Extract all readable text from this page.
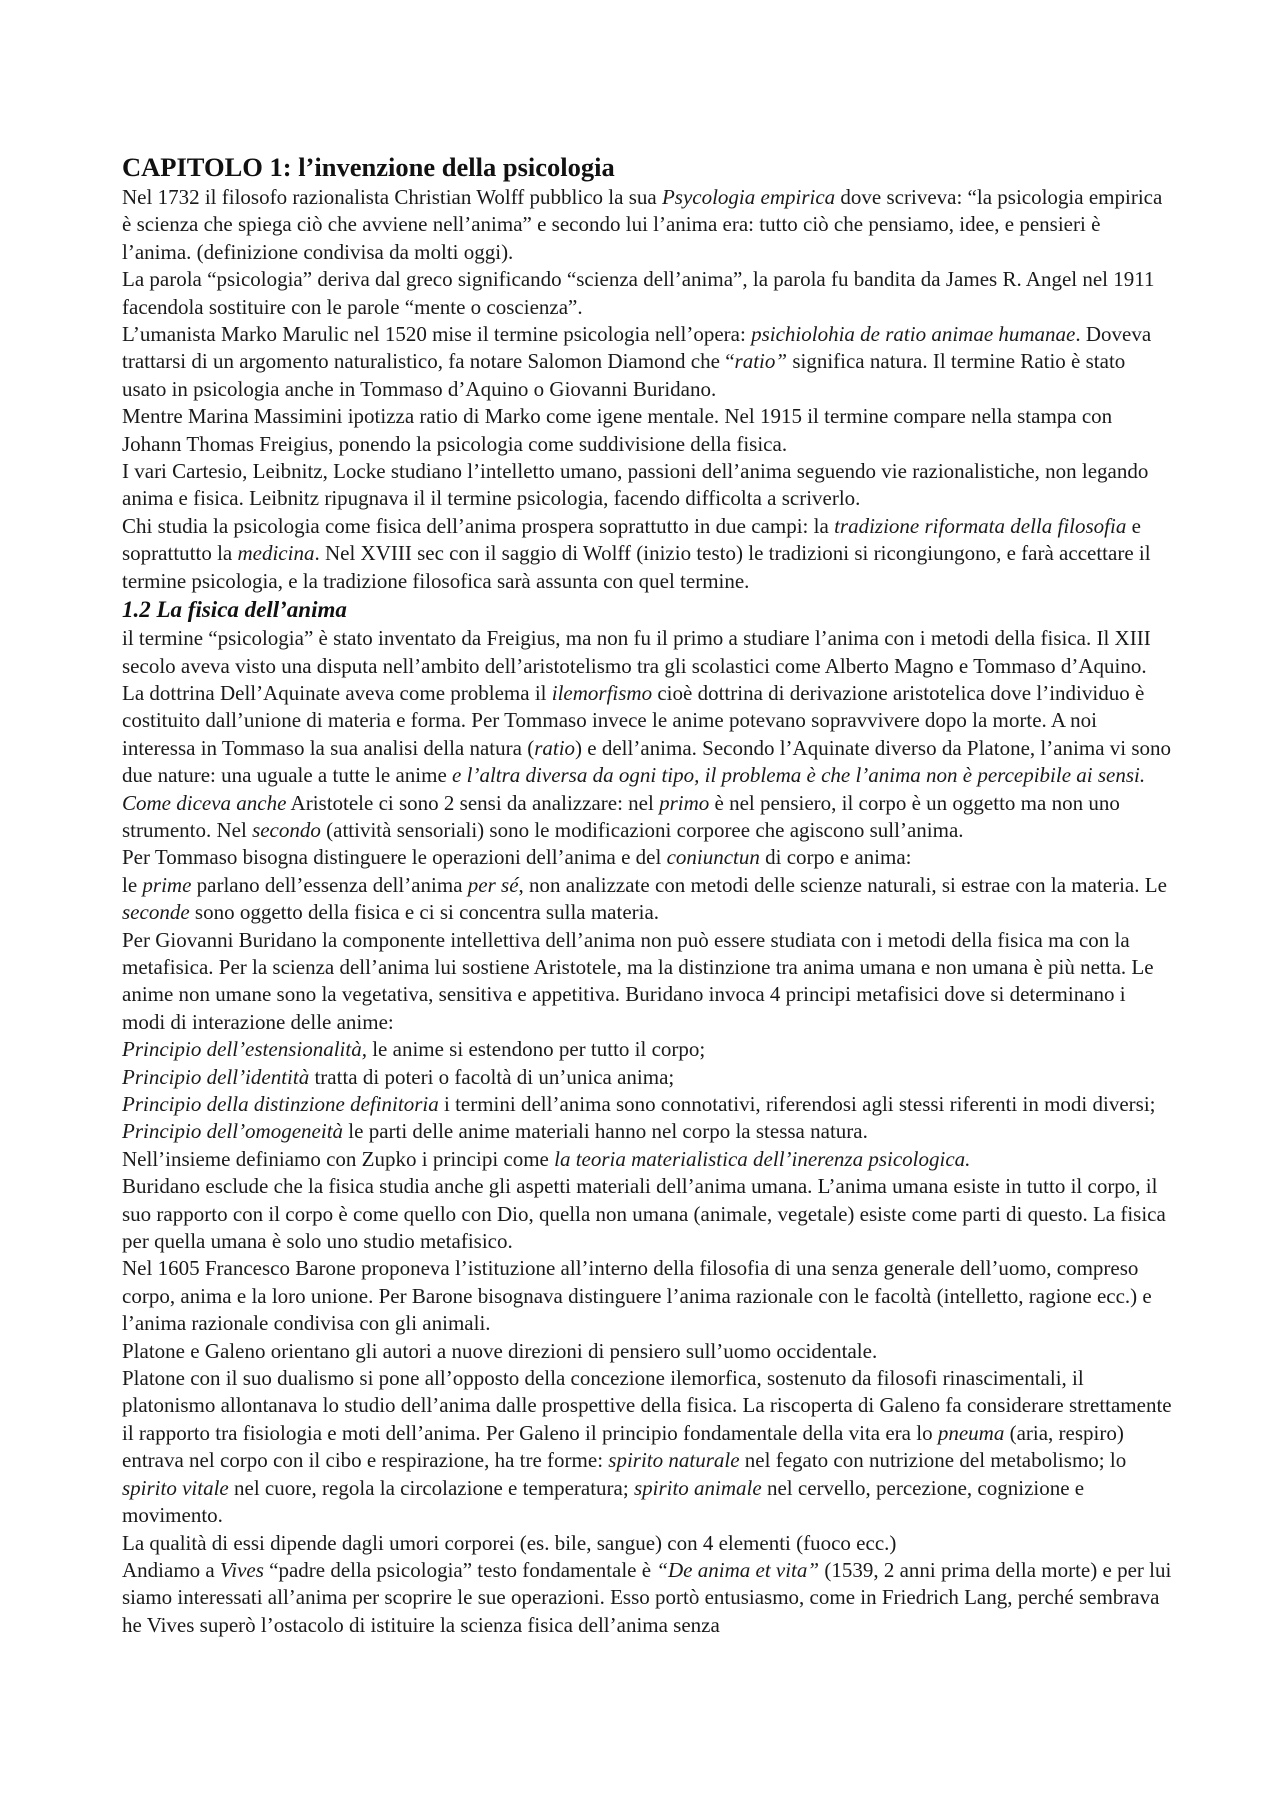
CAPITOLO 1: l’invenzione della psicologia

Nel 1732 il filosofo razionalista Christian Wolff pubblico la sua Psycologia empirica dove scriveva: “la psicologia empirica è scienza che spiega ciò che avviene nell’anima” e secondo lui l’anima era: tutto ciò che pensiamo, idee, e pensieri è l’anima. (definizione condivisa da molti oggi).

La parola “psicologia” deriva dal greco significando “scienza dell’anima”, la parola fu bandita da James R. Angel nel 1911 facendola sostituire con le parole “mente o coscienza”.

L’umanista Marko Marulic nel 1520 mise il termine psicologia nell’opera: psichiolohia de ratio animae humanae. Doveva trattarsi di un argomento naturalistico, fa notare Salomon Diamond che “ratio” significa natura. Il termine Ratio è stato usato in psicologia anche in Tommaso d’Aquino o Giovanni Buridano.

Mentre Marina Massimini ipotizza ratio di Marko come igene mentale. Nel 1915 il termine compare nella stampa con Johann Thomas Freigius, ponendo la psicologia come suddivisione della fisica.

I vari Cartesio, Leibnitz, Locke studiano l’intelletto umano, passioni dell’anima seguendo vie razionalistiche, non legando anima e fisica. Leibnitz ripugnava il il termine psicologia, facendo difficolta a scriverlo.

Chi studia la psicologia come fisica dell’anima prospera soprattutto in due campi: la tradizione riformata della filosofia e soprattutto la medicina. Nel XVIII sec con il saggio di Wolff (inizio testo) le tradizioni si ricongiungono, e farà accettare il termine psicologia, e la tradizione filosofica sarà assunta con quel termine.

1.2 La fisica dell’anima

il termine “psicologia” è stato inventato da Freigius, ma non fu il primo a studiare l’anima con i metodi della fisica. Il XIII secolo aveva visto una disputa nell’ambito dell’aristotelismo tra gli scolastici come Alberto Magno e Tommaso d’Aquino. La dottrina Dell’Aquinate aveva come problema il ilemorfismo cioè dottrina di derivazione aristotelica dove l’individuo è costituito dall’unione di materia e forma. Per Tommaso invece le anime potevano sopravvivere dopo la morte. A noi interessa in Tommaso la sua analisi della natura (ratio) e dell’anima. Secondo l’Aquinate diverso da Platone, l’anima vi sono due nature: una uguale a tutte le anime e l’altra diversa da ogni tipo, il problema è che l’anima non è percepibile ai sensi. Come diceva anche Aristotele ci sono 2 sensi da analizzare: nel primo è nel pensiero, il corpo è un oggetto ma non uno strumento. Nel secondo (attività sensoriali) sono le modificazioni corporee che agiscono sull’anima.

Per Tommaso bisogna distinguere le operazioni dell’anima e del coniunctun di corpo e anima:

le prime parlano dell’essenza dell’anima per sé, non analizzate con metodi delle scienze naturali, si estrae con la materia. Le seconde sono oggetto della fisica e ci si concentra sulla materia.

Per Giovanni Buridano la componente intellettiva dell’anima non può essere studiata con i metodi della fisica ma con la metafisica. Per la scienza dell’anima lui sostiene Aristotele, ma la distinzione tra anima umana e non umana è più netta. Le anime non umane sono la vegetativa, sensitiva e appetitiva. Buridano invoca 4 principi metafisici dove si determinano i modi di interazione delle anime:

Principio dell’estensionalità, le anime si estendono per tutto il corpo;

Principio dell’identità tratta di poteri o facoltà di un’unica anima;

Principio della distinzione definitoria i termini dell’anima sono connotativi, riferendosi agli stessi riferenti in modi diversi;

Principio dell’omogeneità le parti delle anime materiali hanno nel corpo la stessa natura.

Nell’insieme definiamo con Zupko i principi come la teoria materialistica dell’inerenza psicologica.

Buridano esclude che la fisica studia anche gli aspetti materiali dell’anima umana. L’anima umana esiste in tutto il corpo, il suo rapporto con il corpo è come quello con Dio, quella non umana (animale, vegetale) esiste come parti di questo. La fisica per quella umana è solo uno studio metafisico.

Nel 1605 Francesco Barone proponeva l’istituzione all’interno della filosofia di una senza generale dell’uomo, compreso corpo, anima e la loro unione. Per Barone bisognava distinguere l’anima razionale con le facoltà (intelletto, ragione ecc.) e l’anima razionale condivisa con gli animali.

Platone e Galeno orientano gli autori a nuove direzioni di pensiero sull’uomo occidentale.

Platone con il suo dualismo si pone all’opposto della concezione ilemorfica, sostenuto da filosofi rinascimentali, il platonismo allontanava lo studio dell’anima dalle prospettive della fisica. La riscoperta di Galeno fa considerare strettamente il rapporto tra fisiologia e moti dell’anima. Per Galeno il principio fondamentale della vita era lo pneuma (aria, respiro) entrava nel corpo con il cibo e respirazione, ha tre forme: spirito naturale nel fegato con nutrizione del metabolismo; lo spirito vitale nel cuore, regola la circolazione e temperatura; spirito animale nel cervello, percezione, cognizione e movimento.

La qualità di essi dipende dagli umori corporei (es. bile, sangue) con 4 elementi (fuoco ecc.)

Andiamo a Vives “padre della psicologia” testo fondamentale è “De anima et vita” (1539, 2 anni prima della morte) e per lui siamo interessati all’anima per scoprire le sue operazioni. Esso portò entusiasmo, come in Friedrich Lang, perché sembrava he Vives superò l’ostacolo di istituire la scienza fisica dell’anima senza
